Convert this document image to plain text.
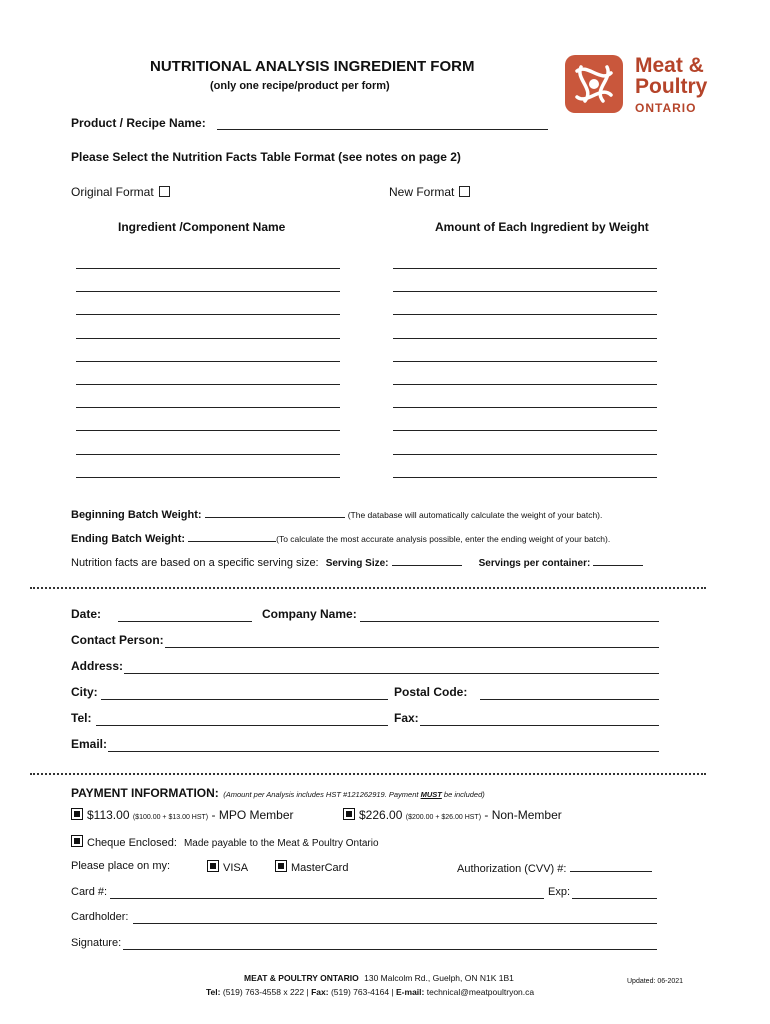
NUTRITIONAL ANALYSIS INGREDIENT FORM
(only one recipe/product per form)
Meat &
Poultry
ONTARIO
Product / Recipe Name:
Please Select the Nutrition Facts Table Format (see notes on page 2)
Original Format	New Format
Ingredient /Component Name	Amount of Each Ingredient by Weight
Beginning Batch Weight:	(The database will automatically calculate the weight of your batch).
Ending Batch Weight:	(To calculate the most accurate analysis possible, enter the ending weight of your batch).
Nutrition facts are based on a specific serving size: Serving Size:	Servings per container:
Date:	Company Name:
Contact Person:
Address:
City:	Postal Code:
Tel:	Fax:
Email:
PAYMENT INFORMATION: (Amount per Analysis includes HST #121262919. Payment MUST be included)
$113.00 ($100.00 + $13.00 HST) - MPO Member	$226.00 ($200.00 + $26.00 HST) - Non-Member
Cheque Enclosed: Made payable to the Meat & Poultry Ontario
Please place on my:	VISA	MasterCard	Authorization (CVV) #:
Card #:	Exp:
Cardholder:
Signature:
MEAT & POULTRY ONTARIO 130 Malcolm Rd., Guelph, ON N1K 1B1
Tel: (519) 763-4558 x 222 | Fax: (519) 763-4164 | E-mail: technical@meatpoultryon.ca
Updated: 06-2021
